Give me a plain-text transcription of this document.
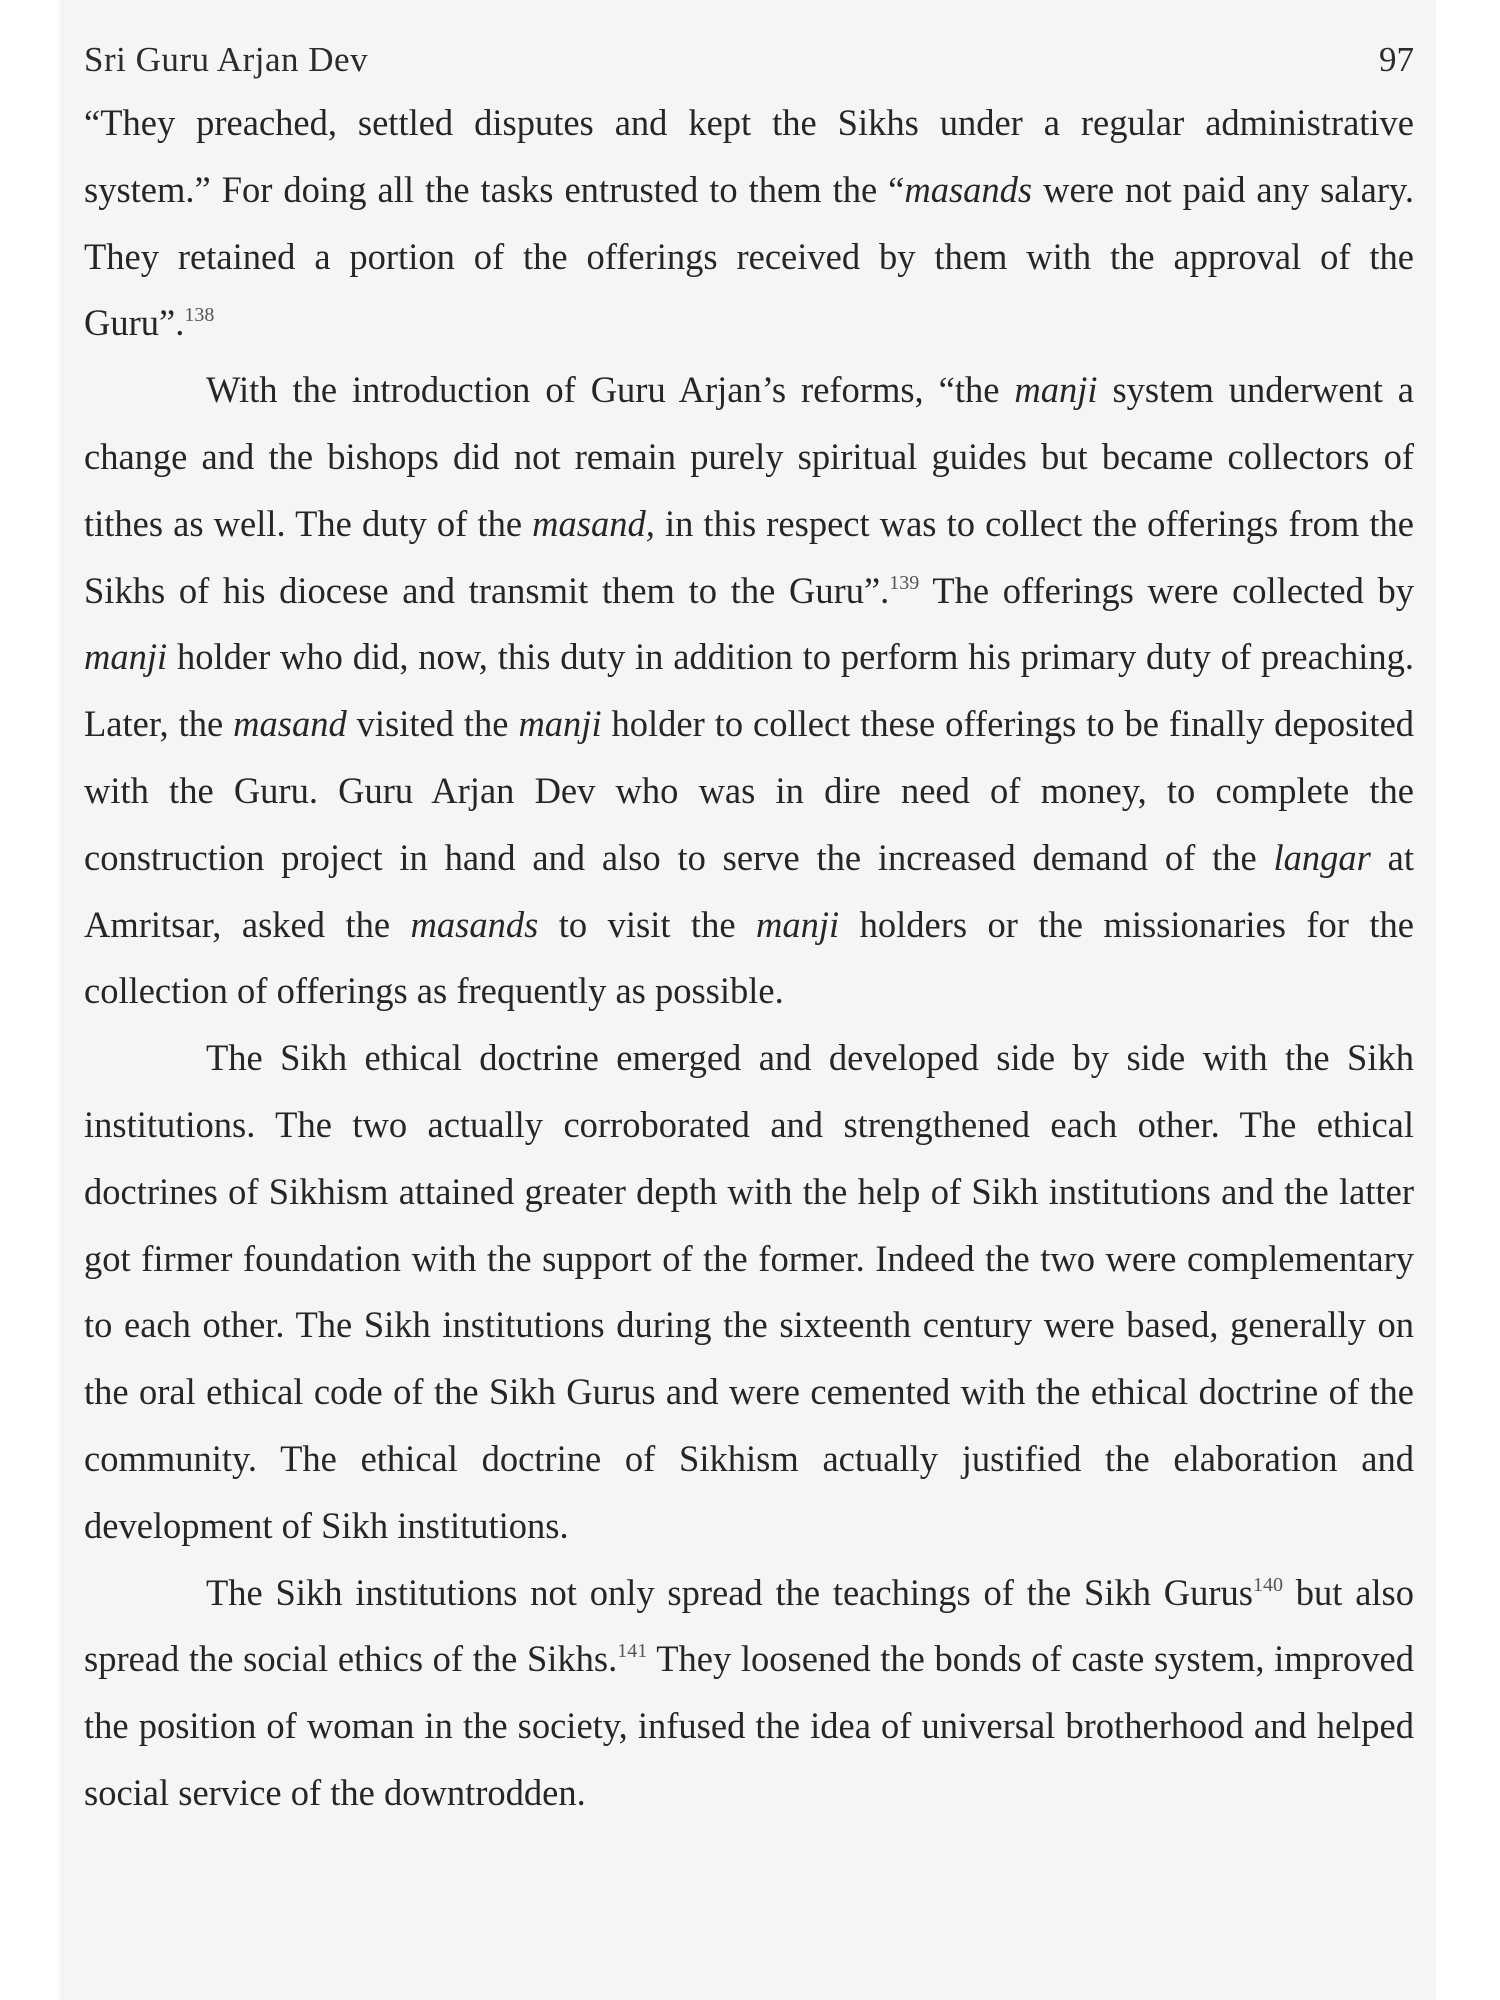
Sri Guru Arjan Dev	97

“They preached, settled disputes and kept the Sikhs under a regular administrative system.” For doing all the tasks entrusted to them the “masands were not paid any salary. They retained a portion of the offerings received by them with the approval of the Guru”.$^{138}$

With the introduction of Guru Arjan’s reforms, “the manji system underwent a change and the bishops did not remain purely spiritual guides but became collectors of tithes as well. The duty of the masand, in this respect was to collect the offerings from the Sikhs of his diocese and transmit them to the Guru”.$^{139}$ The offerings were collected by manji holder who did, now, this duty in addition to perform his primary duty of preaching. Later, the masand visited the manji holder to collect these offerings to be finally deposited with the Guru. Guru Arjan Dev who was in dire need of money, to complete the construction project in hand and also to serve the increased demand of the langar at Amritsar, asked the masands to visit the manji holders or the missionaries for the collection of offerings as frequently as possible.

The Sikh ethical doctrine emerged and developed side by side with the Sikh institutions. The two actually corroborated and strengthened each other. The ethical doctrines of Sikhism attained greater depth with the help of Sikh institutions and the latter got firmer foundation with the support of the former. Indeed the two were complementary to each other. The Sikh institutions during the sixteenth century were based, generally on the oral ethical code of the Sikh Gurus and were cemented with the ethical doctrine of the community. The ethical doctrine of Sikhism actually justified the elaboration and development of Sikh institutions.

The Sikh institutions not only spread the teachings of the Sikh Gurus$^{140}$ but also spread the social ethics of the Sikhs.$^{141}$ They loosened the bonds of caste system, improved the position of woman in the society, infused the idea of universal brotherhood and helped social service of the downtrodden.
